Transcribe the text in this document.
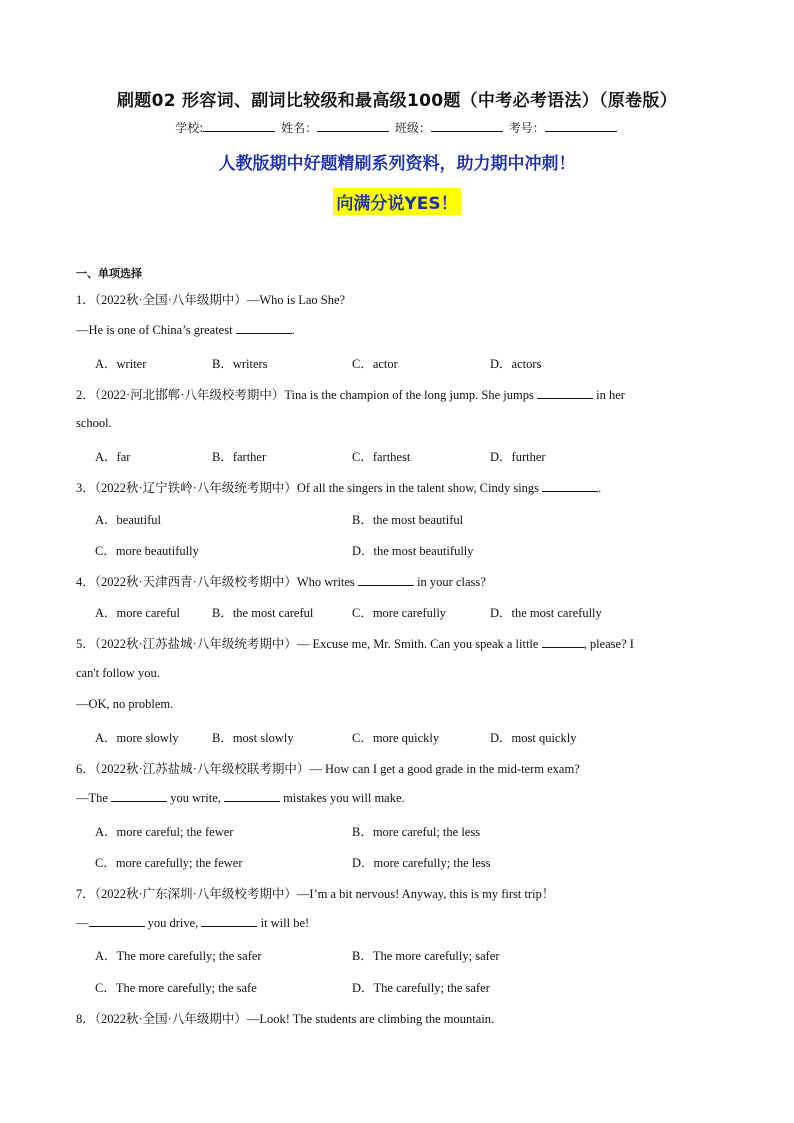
刷题02 形容词、副词比较级和最高级100题（中考必考语法）（原卷版）
学校:	姓名：	班级：	考号：
人教版期中好题精刷系列资料，助力期中冲刺！
向满分说YES！
一、单项选择
1．（2022秋·全国·八年级期中）—Who is Lao She?
—He is one of China’s greatest	.
A．writer	B．writers	C．actor	D．actors
2．（2022·河北邯郸·八年级校考期中）Tina is the champion of the long jump. She jumps	in her
school.
A．far	B．farther	C．farthest	D．further
3．（2022秋·辽宁铁岭·八年级统考期中）Of all the singers in the talent show, Cindy sings	.
A．beautiful	B．the most beautiful
C．more beautifully	D．the most beautifully
4．（2022秋·天津西青·八年级校考期中）Who writes	in your class?
A．more careful	B．the most careful	C．more carefully	D．the most carefully
5．（2022秋·江苏盐城·八年级统考期中）— Excuse me, Mr. Smith. Can you speak a little	, please? I
can't follow you.
—OK, no problem.
A．more slowly	B．most slowly	C．more quickly	D．most quickly
6．（2022秋·江苏盐城·八年级校联考期中）— How can I get a good grade in the mid-term exam?
—The	you write,	mistakes you will make.
A．more careful; the fewer	B．more careful; the less
C．more carefully; the fewer	D．more carefully; the less
7．（2022秋·广东深圳·八年级校考期中）—I’m a bit nervous! Anyway, this is my first trip！
—	you drive,	it will be!
A．The more carefully; the safer	B．The more carefully; safer
C．The more carefully; the safe	D．The carefully; the safer
8．（2022秋·全国·八年级期中）—Look! The students are climbing the mountain.
